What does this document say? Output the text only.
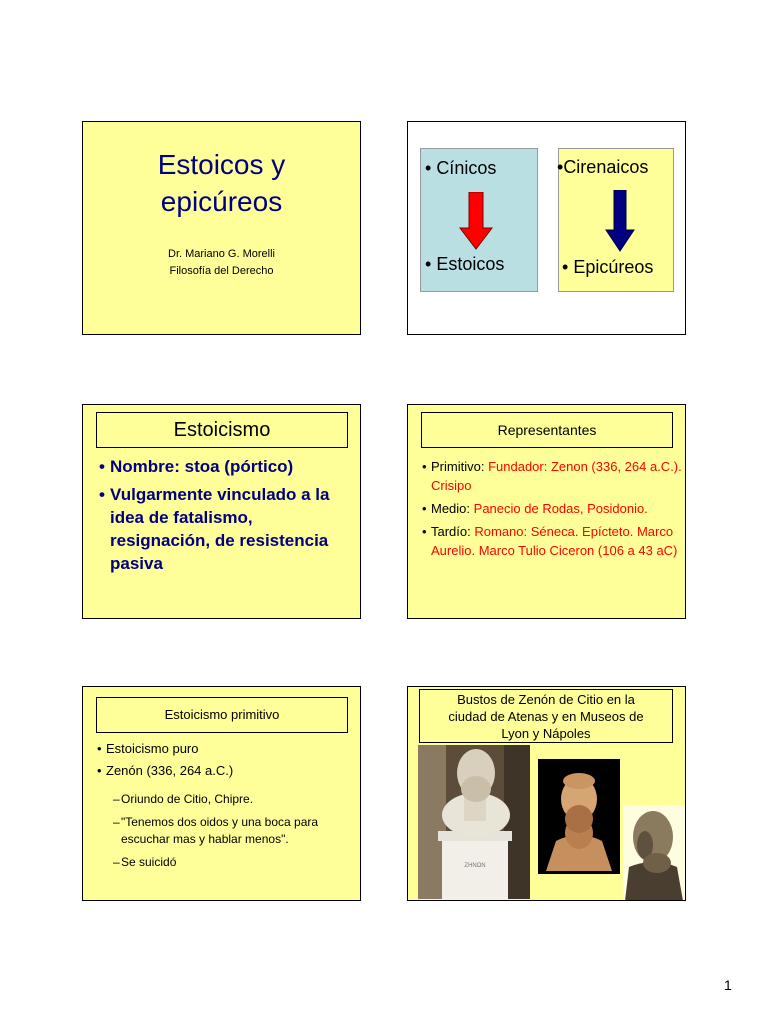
Estoicos y
epicúreos
Dr. Mariano G. Morelli
Filosofía del Derecho
• Cínicos
• Estoicos
•Cirenaicos
• Epicúreos
Estoicismo
• Nombre: stoa (pórtico)
• Vulgarmente vinculado a la idea de fatalismo, resignación, de resistencia pasiva
Representantes
• Primitivo: Fundador: Zenon (336, 264 a.C.). Crisipo
• Medio: Panecio de Rodas, Posidonio.
• Tardío: Romano: Séneca. Epícteto. Marco Aurelio. Marco Tulio Ciceron (106 a 43 aC)
Estoicismo primitivo
• Estoicismo puro
• Zenón (336, 264 a.C.)
– Oriundo de Citio, Chipre.
– "Tenemos dos oidos y una boca para escuchar mas y hablar menos".
– Se suicidó
Bustos de Zenón de Citio en la
ciudad de Atenas y en Museos de
Lyon y Nápoles
ZHNΩN
1
